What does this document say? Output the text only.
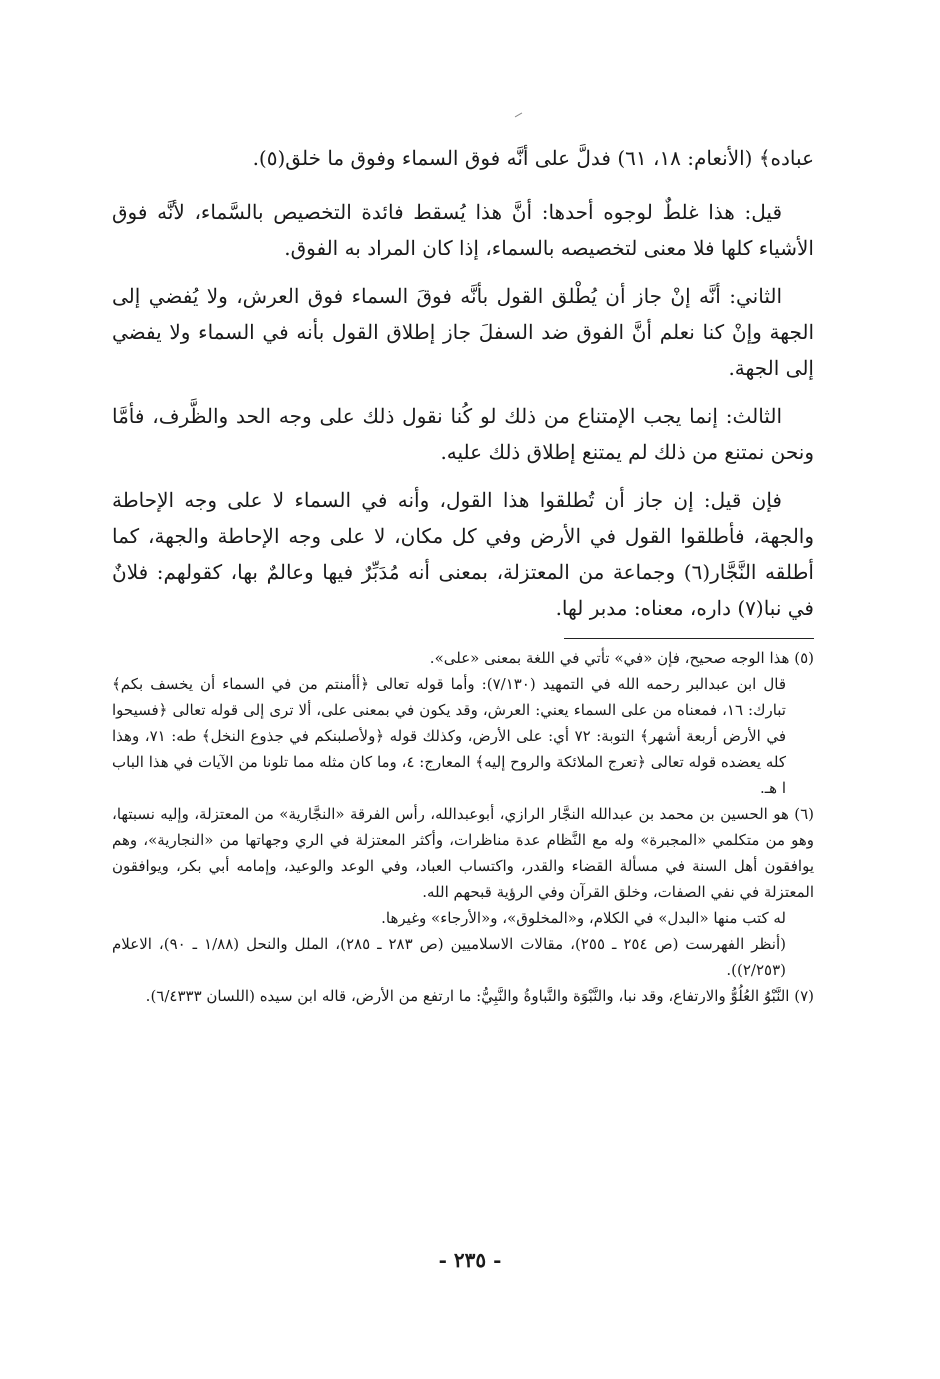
عباده﴾ (الأنعام: ١٨، ٦١) فدلَّ على أنَّه فوق السماء وفوق ما خلق(٥).

قيل: هذا غلطٌ لوجوه أحدها: أنَّ هذا يُسقط فائدة التخصيص بالسَّماء، لأنَّه فوق الأشياء كلها فلا معنى لتخصيصه بالسماء، إذا كان المراد به الفوق.

الثاني: أنَّه إنْ جاز أن يُطْلق القول بأنَّه فوقَ السماء فوق العرش، ولا يُفضي إلى الجهة وإنْ كنا نعلم أنَّ الفوق ضد السفلَ جاز إطلاق القول بأنه في السماء ولا يفضي إلى الجهة.

الثالث: إنما يجب الإمتناع من ذلك لو كُنا نقول ذلك على وجه الحد والظَّرف، فأمَّا ونحن نمتنع من ذلك لم يمتنع إطلاق ذلك عليه.

فإن قيل: إن جاز أن تُطلقوا هذا القول، وأنه في السماء لا على وجه الإحاطة والجهة، فأطلقوا القول في الأرض وفي كل مكان، لا على وجه الإحاطة والجهة، كما أطلقه النَّجَّار(٦) وجماعة من المعتزلة، بمعنى أنه مُدَبِّرٌ فيها وعالمٌ بها، كقولهم: فلانٌ في نبا(٧) داره، معناه: مدبر لها.

(٥) هذا الوجه صحيح، فإن «في» تأتي في اللغة بمعنى «على».

قال ابن عبدالبر رحمه الله في التمهيد (٧/١٣٠): وأما قوله تعالى ﴿أأمنتم من في السماء أن يخسف بكم﴾ تبارك: ١٦، فمعناه من على السماء يعني: العرش، وقد يكون في بمعنى على، ألا ترى إلى قوله تعالى ﴿فسيحوا في الأرض أربعة أشهر﴾ التوبة: ٧٢ أي: على الأرض، وكذلك قوله ﴿ولأصلبنكم في جذوع النخل﴾ طه: ٧١، وهذا كله يعضده قوله تعالى ﴿تعرج الملائكة والروح إليه﴾ المعارج: ٤، وما كان مثله مما تلونا من الآيات في هذا الباب ا هـ.

(٦) هو الحسين بن محمد بن عبدالله النجَّار الرازي، أبوعبدالله، رأس الفرقة «النجَّارية» من المعتزلة، وإليه نسبتها، وهو من متكلمي «المجبرة» وله مع النَّظام عدة مناظرات، وأكثر المعتزلة في الري وجهاتها من «النجارية»، وهم يوافقون أهل السنة في مسألة القضاء والقدر، واكتساب العباد، وفي الوعد والوعيد، وإمامه أبي بكر، ويوافقون المعتزلة في نفي الصفات، وخلق القرآن وفي الرؤية قبحهم الله.

له كتب منها «البدل» في الكلام، و«المخلوق»، و«الأرجاء» وغيرها.

(أنظر الفهرست (ص ٢٥٤ ـ ٢٥٥)، مقالات الاسلاميين (ص ٢٨٣ ـ ٢٨٥)، الملل والنحل (١/٨٨ ـ ٩٠)، الاعلام (٢/٢٥٣)).

(٧) النَّبْوُ العُلُوُّ والارتفاع، وقد نبا، والنَّبْوَة والنَّباوةُ والنَّبِيُّ: ما ارتفع من الأرض، قاله ابن سيده (اللسان ٦/٤٣٣٣).

- ٢٣٥ -
